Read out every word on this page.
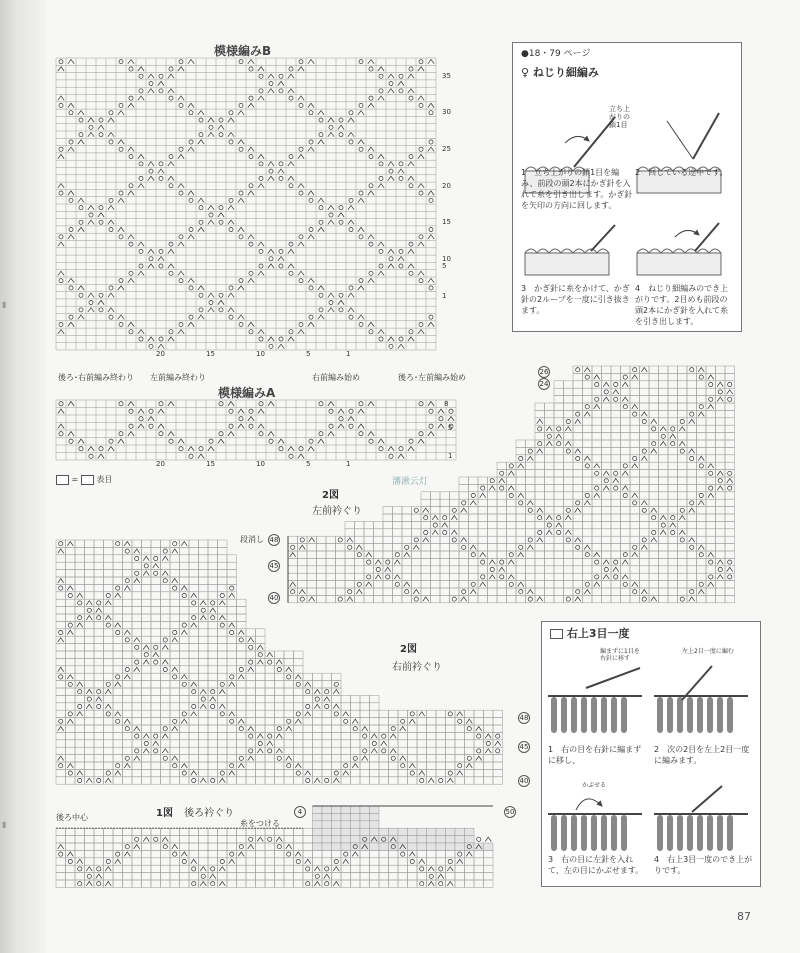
▮
▮
模様編みB
35
30
25
20
15
10
5
1
20	15	10	5	1
後ろ･右前編み終わり 左前編み終わり	右前編み始め	後ろ･左前編み始め
模様編みA
8
5
1
20	15	10	5	1
=  表目
●18・79 ページ
♀ ねじり細編み
立ち上がりの鎖1目
1　立ち上がりの鎖1目を編み、前段の頭2本にかぎ針を入れて糸を引き出します。かぎ針を矢印の方向に回します。
2　回している途中です。
3　かぎ針に糸をかけて、かぎ針の2ループを一度に引き抜きます。
4　ねじり細編みのでき上がりです。2目めも前段の頭2本にかぎ針を入れて糸を引き出します。
2図
左前衿ぐり
段消し 48
45
40
26
24
瀋湫云灯
2図
右前衿ぐり
48
45
40
右上3目一度
編まずに1目を右針に移す
左上2目一度に編む
1　右の目を右針に編まずに移し、
2　次の2目を左上2目一度に編みます。
かぶせる
3　右の目に左針を入れて、左の目にかぶせます。
4　右上3目一度のでき上がりです。
1図 後ろ衿ぐり
後ろ中心
糸をつける
4	50
87
